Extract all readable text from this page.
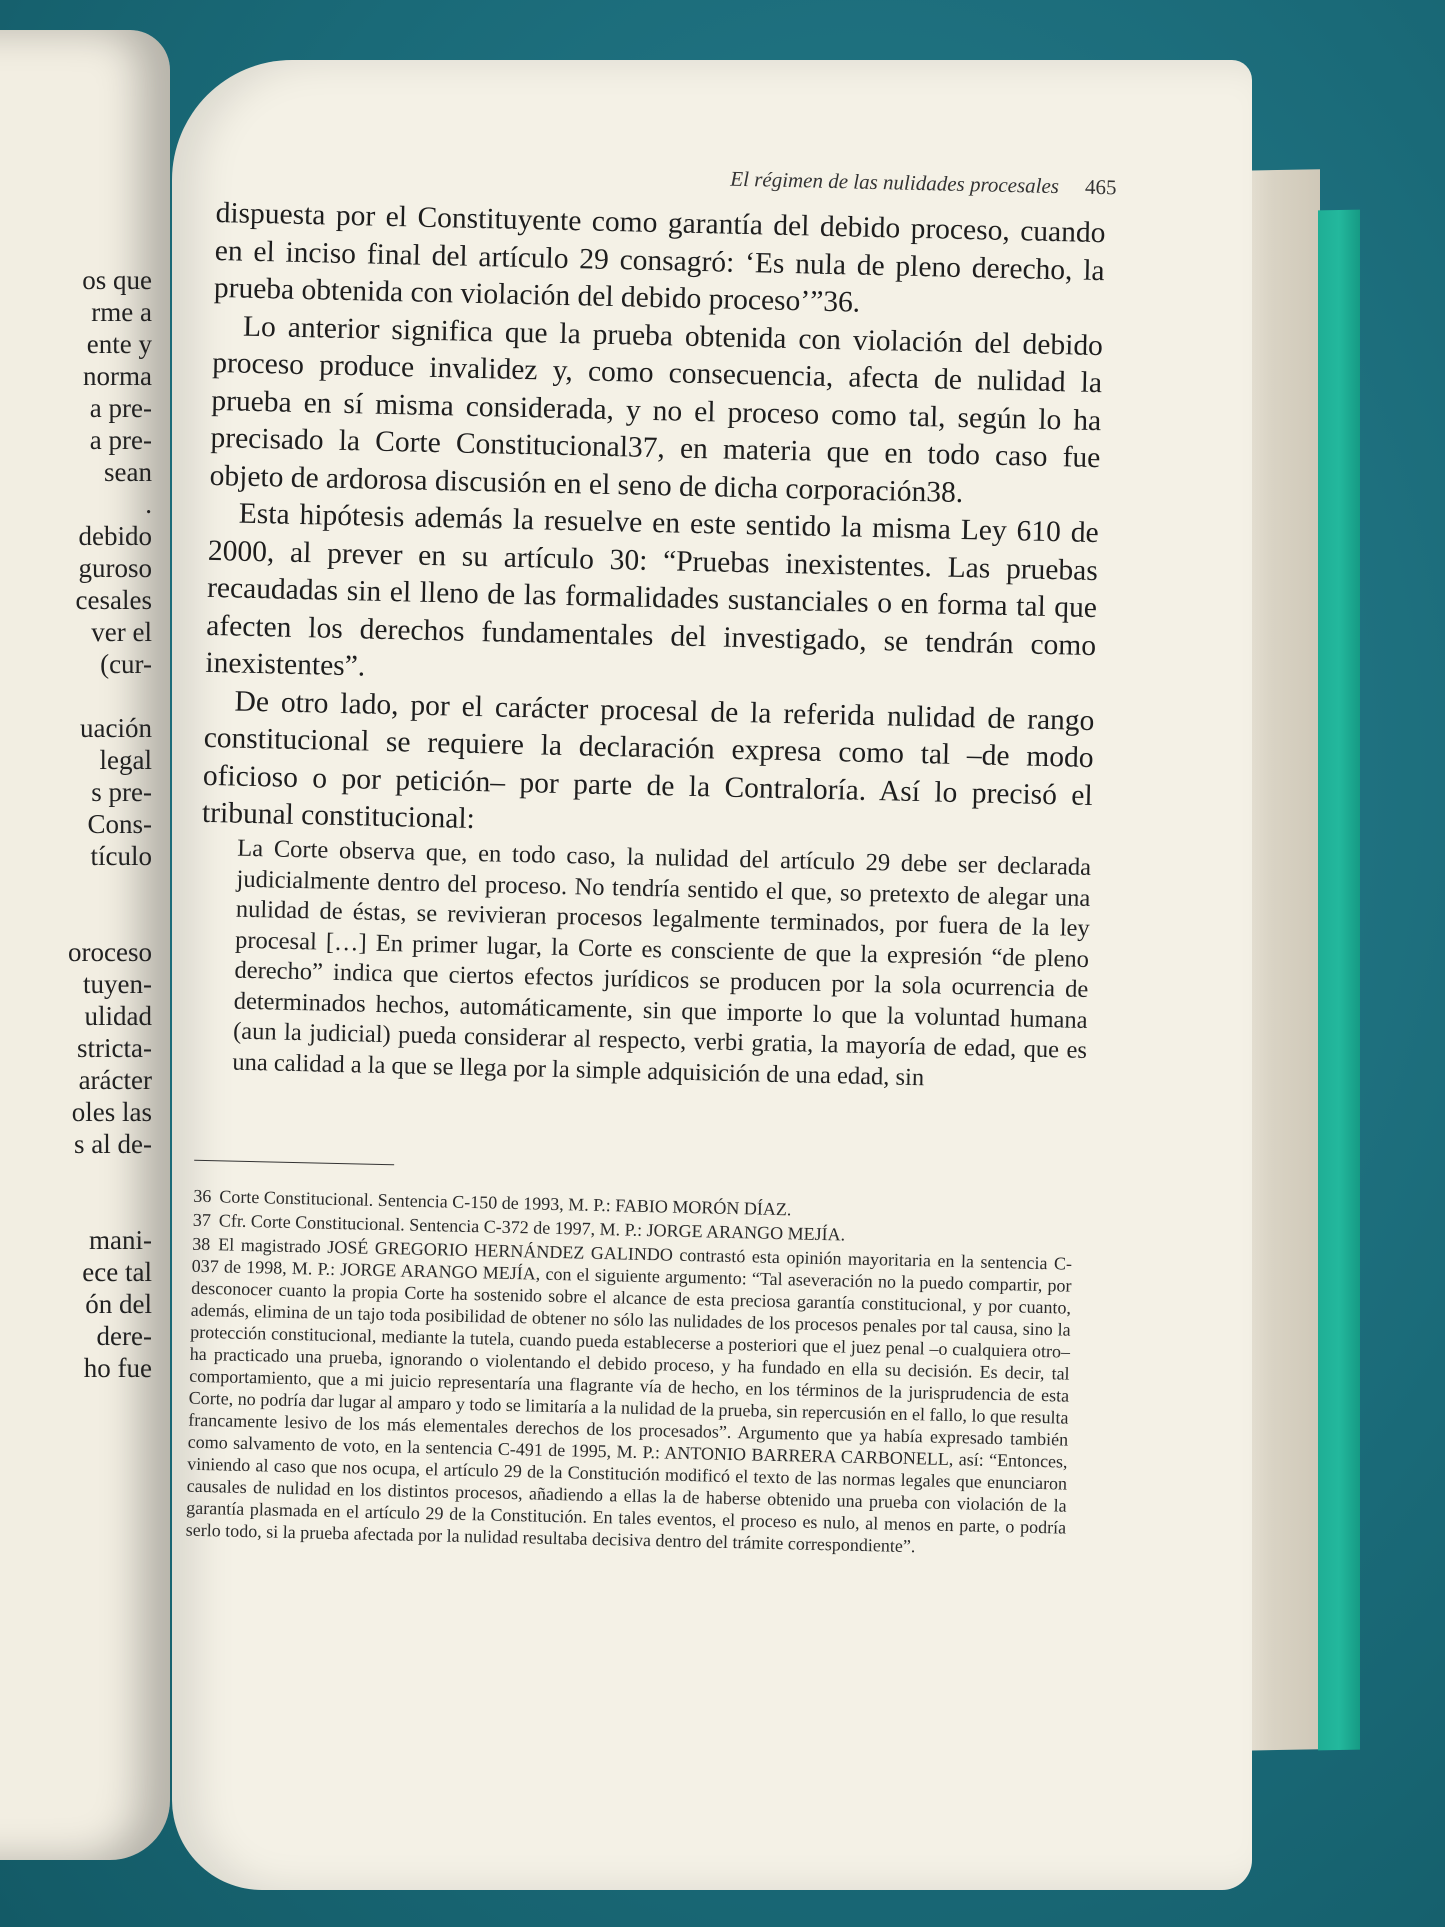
os que
rme a
ente y
norma
a pre-
a pre-
sean
.
debido
guroso
cesales
ver el
(cur-
uación
legal
s pre-
Cons-
tículo
oroceso
tuyen-
ulidad
stricta-
arácter
oles las
s al de-
mani-
ece tal
ón del
dere-
ho fue
El régimen de las nulidades procesales 465

dispuesta por el Constituyente como garantía del debido proceso, cuando en el inciso final del artículo 29 consagró: ‘Es nula de pleno derecho, la prueba obtenida con violación del debido proceso’”36.

Lo anterior significa que la prueba obtenida con violación del debido proceso produce invalidez y, como consecuencia, afecta de nulidad la prueba en sí misma considerada, y no el proceso como tal, según lo ha precisado la Corte Constitucional37, en materia que en todo caso fue objeto de ardorosa discusión en el seno de dicha corporación38.

Esta hipótesis además la resuelve en este sentido la misma Ley 610 de 2000, al prever en su artículo 30: “Pruebas inexistentes. Las pruebas recaudadas sin el lleno de las formalidades sustanciales o en forma tal que afecten los derechos fundamentales del investigado, se tendrán como inexistentes”.

De otro lado, por el carácter procesal de la referida nulidad de rango constitucional se requiere la declaración expresa como tal –de modo oficioso o por petición– por parte de la Contraloría. Así lo precisó el tribunal constitucional:

La Corte observa que, en todo caso, la nulidad del artículo 29 debe ser declarada judicialmente dentro del proceso. No tendría sentido el que, so pretexto de alegar una nulidad de éstas, se revivieran procesos legalmente terminados, por fuera de la ley procesal […] En primer lugar, la Corte es consciente de que la expresión “de pleno derecho” indica que ciertos efectos jurídicos se producen por la sola ocurrencia de determinados hechos, automáticamente, sin que importe lo que la voluntad humana (aun la judicial) pueda considerar al respecto, verbi gratia, la mayoría de edad, que es una calidad a la que se llega por la simple adquisición de una edad, sin

36 Corte Constitucional. Sentencia C-150 de 1993, M. P.: FABIO MORÓN DÍAZ.

37 Cfr. Corte Constitucional. Sentencia C-372 de 1997, M. P.: JORGE ARANGO MEJÍA.

38 El magistrado JOSÉ GREGORIO HERNÁNDEZ GALINDO contrastó esta opinión mayoritaria en la sentencia C-037 de 1998, M. P.: JORGE ARANGO MEJÍA, con el siguiente argumento: “Tal aseveración no la puedo compartir, por desconocer cuanto la propia Corte ha sostenido sobre el alcance de esta preciosa garantía constitucional, y por cuanto, además, elimina de un tajo toda posibilidad de obtener no sólo las nulidades de los procesos penales por tal causa, sino la protección constitucional, mediante la tutela, cuando pueda establecerse a posteriori que el juez penal –o cualquiera otro– ha practicado una prueba, ignorando o violentando el debido proceso, y ha fundado en ella su decisión. Es decir, tal comportamiento, que a mi juicio representaría una flagrante vía de hecho, en los términos de la jurisprudencia de esta Corte, no podría dar lugar al amparo y todo se limitaría a la nulidad de la prueba, sin repercusión en el fallo, lo que resulta francamente lesivo de los más elementales derechos de los procesados”. Argumento que ya había expresado también como salvamento de voto, en la sentencia C-491 de 1995, M. P.: ANTONIO BARRERA CARBONELL, así: “Entonces, viniendo al caso que nos ocupa, el artículo 29 de la Constitución modificó el texto de las normas legales que enunciaron causales de nulidad en los distintos procesos, añadiendo a ellas la de haberse obtenido una prueba con violación de la garantía plasmada en el artículo 29 de la Constitución. En tales eventos, el proceso es nulo, al menos en parte, o podría serlo todo, si la prueba afectada por la nulidad resultaba decisiva dentro del trámite correspondiente”.
